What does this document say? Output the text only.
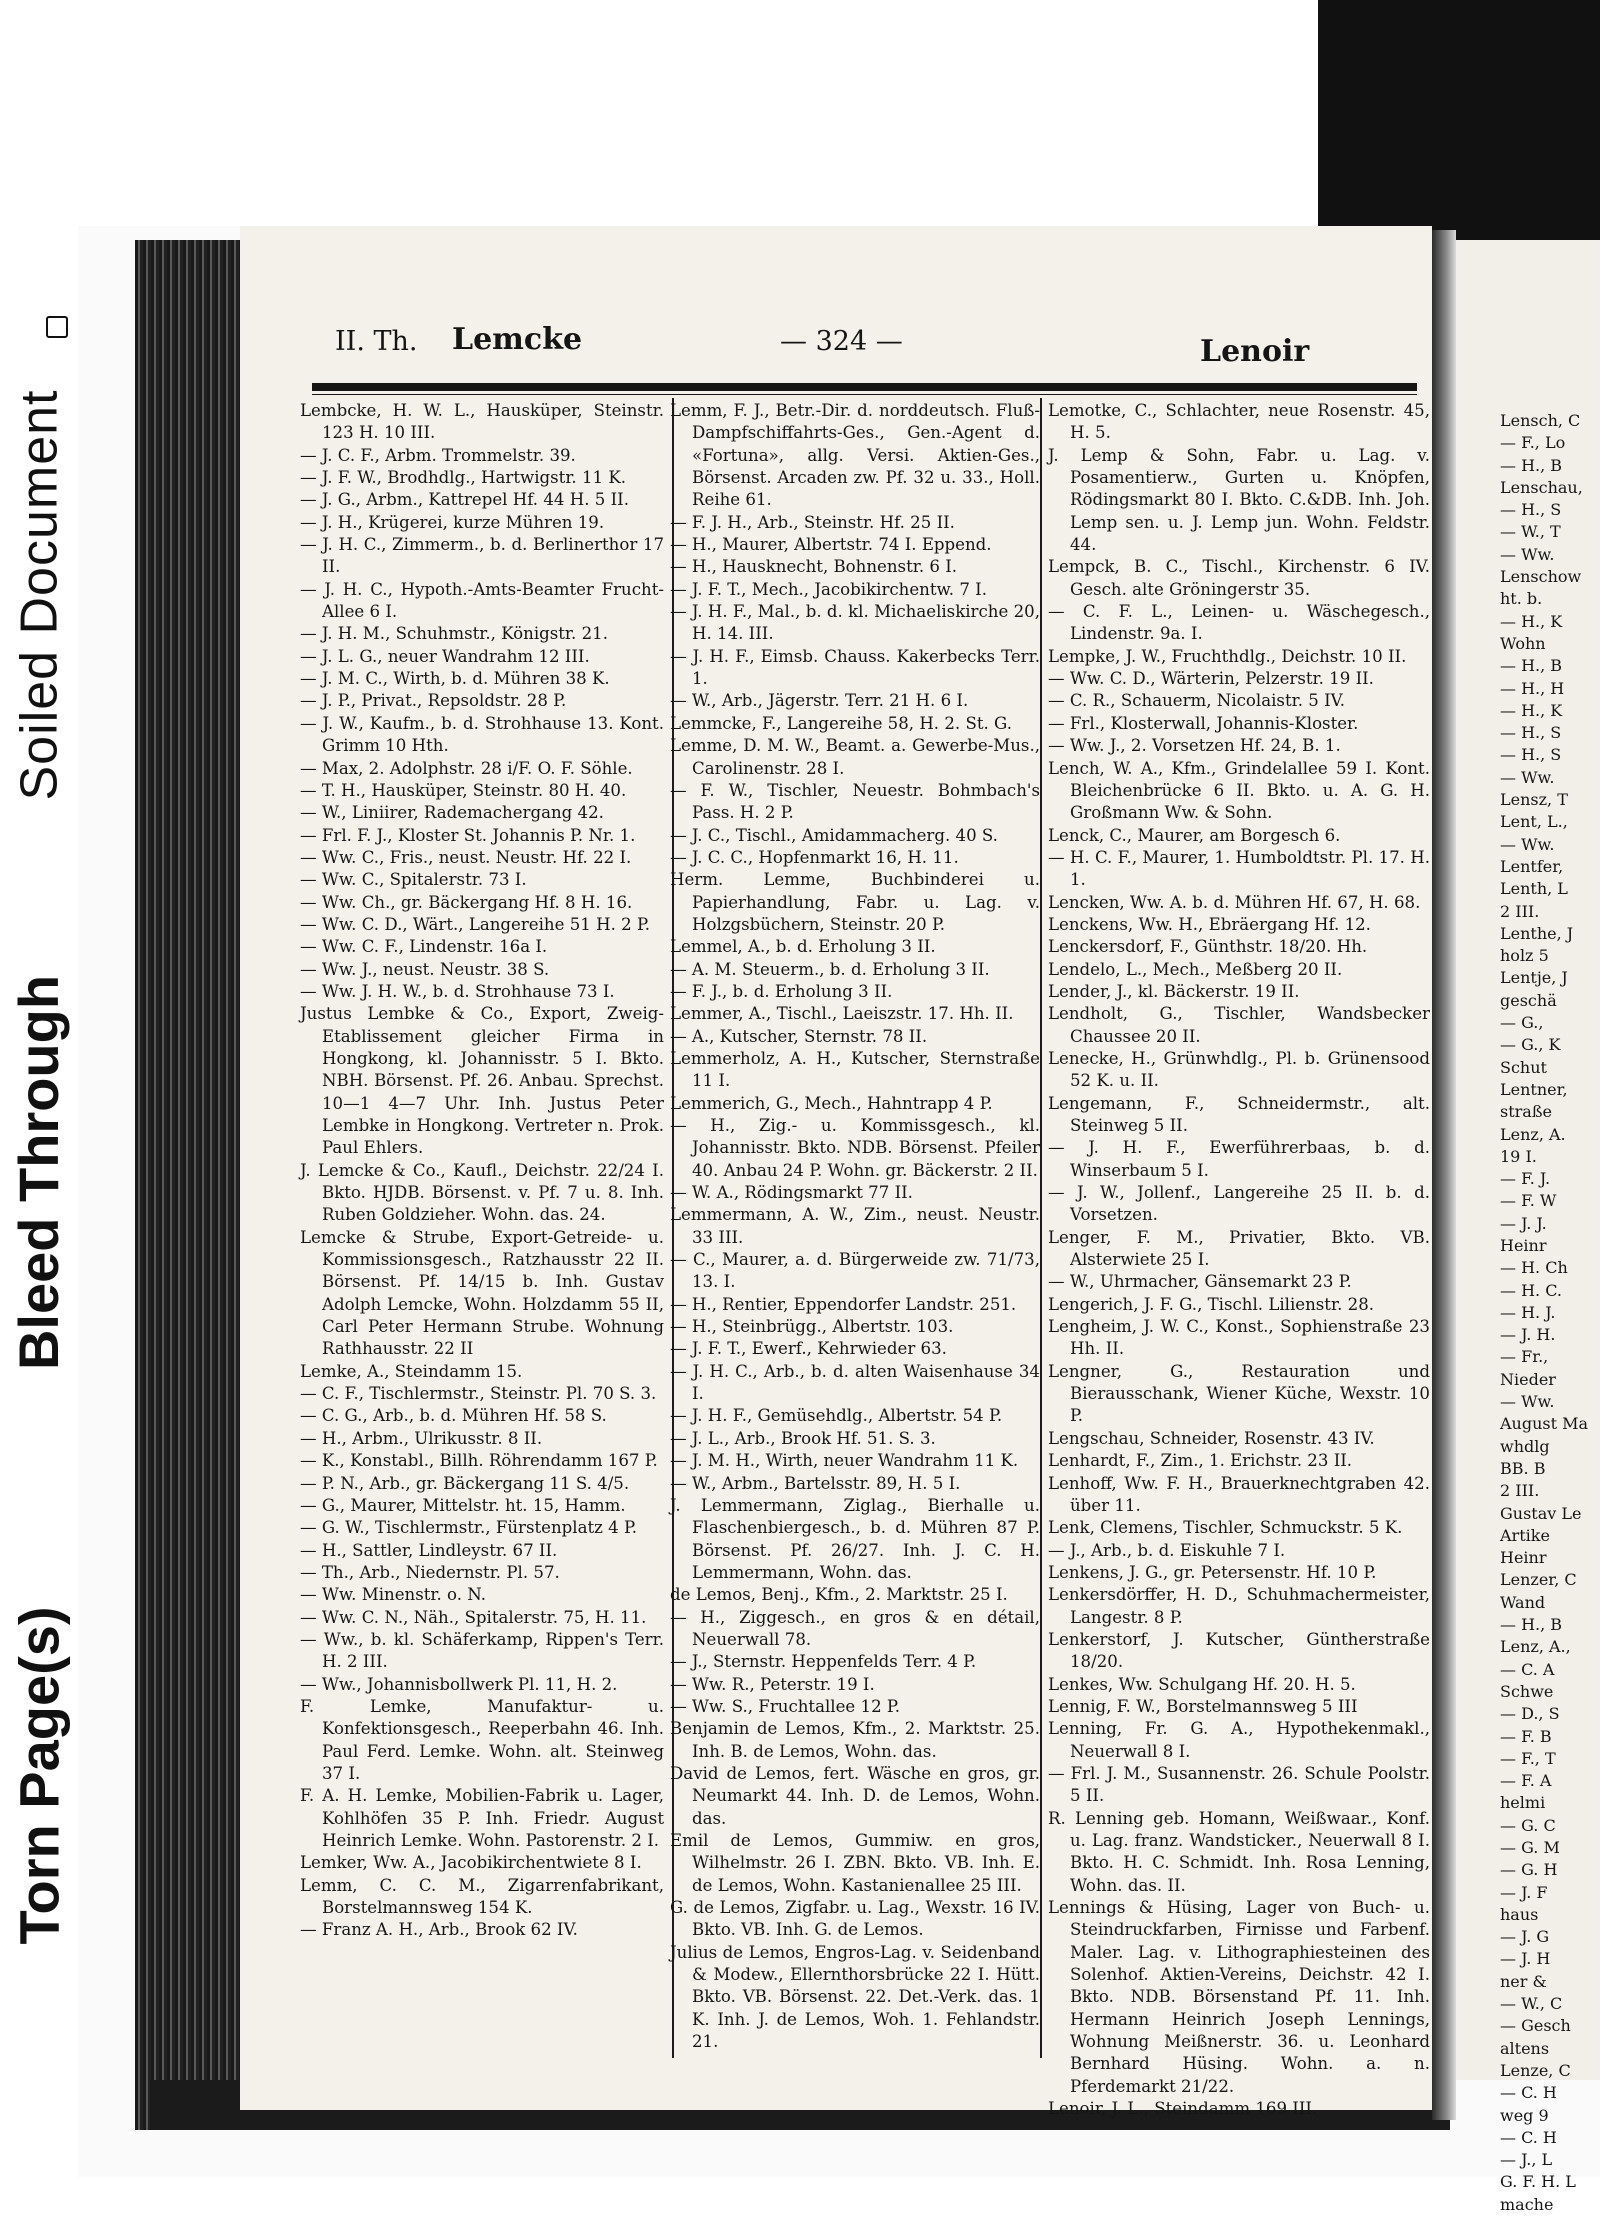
Soiled Document
Bleed Through
Torn Page(s)
Lensch, C
— F., Lo
— H., B
Lenschau,
— H., S
— W., T
— Ww.
Lenschow
ht. b.
— H., K
Wohn
— H., B
— H., H
— H., K
— H., S
— H., S
— Ww.
Lensz, T
Lent, L.,
— Ww.
Lentfer,
Lenth, L
2 III.
Lenthe, J
holz 5
Lentje, J
geschä
— G.,
— G., K
Schut
Lentner,
straße
Lenz, A.
19 I.
— F. J.
— F. W
— J. J.
Heinr
— H. Ch
— H. C.
— H. J.
— J. H.
— Fr.,
Nieder
— Ww.
August Ma
whdlg
BB. B
2 III.
Gustav Le
Artike
Heinr
Lenzer, C
Wand
— H., B
Lenz, A.,
— C. A
Schwe
— D., S
— F. B
— F., T
— F. A
helmi
— G. C
— G. M
— G. H
— J. F
haus
— J. G
— J. H
ner &
— W., C
— Gesch
altens
Lenze, C
— C. H
weg 9
— C. H
— J., L
G. F. H. L
mache
II. Th. Lemcke	— 324 —	Lenoir
Lembcke, H. W. L., Hausküper, Steinstr. 123 H. 10 III.
— J. C. F., Arbm. Trommelstr. 39.
— J. F. W., Brodhdlg., Hartwigstr. 11 K.
— J. G., Arbm., Kattrepel Hf. 44 H. 5 II.
— J. H., Krügerei, kurze Mühren 19.
— J. H. C., Zimmerm., b. d. Berlinerthor 17 II.
— J. H. C., Hypoth.-Amts-Beamter Frucht-Allee 6 I.
— J. H. M., Schuhmstr., Königstr. 21.
— J. L. G., neuer Wandrahm 12 III.
— J. M. C., Wirth, b. d. Mühren 38 K.
— J. P., Privat., Repsoldstr. 28 P.
— J. W., Kaufm., b. d. Strohhause 13. Kont. Grimm 10 Hth.
— Max, 2. Adolphstr. 28 i/F. O. F. Söhle.
— T. H., Hausküper, Steinstr. 80 H. 40.
— W., Liniirer, Rademachergang 42.
— Frl. F. J., Kloster St. Johannis P. Nr. 1.
— Ww. C., Fris., neust. Neustr. Hf. 22 I.
— Ww. C., Spitalerstr. 73 I.
— Ww. Ch., gr. Bäckergang Hf. 8 H. 16.
— Ww. C. D., Wärt., Langereihe 51 H. 2 P.
— Ww. C. F., Lindenstr. 16a I.
— Ww. J., neust. Neustr. 38 S.
— Ww. J. H. W., b. d. Strohhause 73 I.
Justus Lembke & Co., Export, Zweig-Etablissement gleicher Firma in Hongkong, kl. Johannisstr. 5 I. Bkto. NBH. Börsenst. Pf. 26. Anbau. Sprechst. 10—1 4—7 Uhr. Inh. Justus Peter Lembke in Hongkong. Vertreter n. Prok. Paul Ehlers.
J. Lemcke & Co., Kaufl., Deichstr. 22/24 I. Bkto. HJDB. Börsenst. v. Pf. 7 u. 8. Inh. Ruben Goldzieher. Wohn. das. 24.
Lemcke & Strube, Export-Getreide- u. Kommissionsgesch., Ratzhausstr 22 II. Börsenst. Pf. 14/15 b. Inh. Gustav Adolph Lemcke, Wohn. Holzdamm 55 II, Carl Peter Hermann Strube. Wohnung Rathhausstr. 22 II
Lemke, A., Steindamm 15.
— C. F., Tischlermstr., Steinstr. Pl. 70 S. 3.
— C. G., Arb., b. d. Mühren Hf. 58 S.
— H., Arbm., Ulrikusstr. 8 II.
— K., Konstabl., Billh. Röhrendamm 167 P.
— P. N., Arb., gr. Bäckergang 11 S. 4/5.
— G., Maurer, Mittelstr. ht. 15, Hamm.
— G. W., Tischlermstr., Fürstenplatz 4 P.
— H., Sattler, Lindleystr. 67 II.
— Th., Arb., Niedernstr. Pl. 57.
— Ww. Minenstr. o. N.
— Ww. C. N., Näh., Spitalerstr. 75, H. 11.
— Ww., b. kl. Schäferkamp, Rippen's Terr. H. 2 III.
— Ww., Johannisbollwerk Pl. 11, H. 2.
F. Lemke, Manufaktur- u. Konfektionsgesch., Reeperbahn 46. Inh. Paul Ferd. Lemke. Wohn. alt. Steinweg 37 I.
F. A. H. Lemke, Mobilien-Fabrik u. Lager, Kohlhöfen 35 P. Inh. Friedr. August Heinrich Lemke. Wohn. Pastorenstr. 2 I.
Lemker, Ww. A., Jacobikirchentwiete 8 I.
Lemm, C. C. M., Zigarrenfabrikant, Borstelmannsweg 154 K.
— Franz A. H., Arb., Brook 62 IV.
Lemm, F. J., Betr.-Dir. d. norddeutsch. Fluß-Dampfschiffahrts-Ges., Gen.-Agent d. «Fortuna», allg. Versi. Aktien-Ges., Börsenst. Arcaden zw. Pf. 32 u. 33., Holl. Reihe 61.
— F. J. H., Arb., Steinstr. Hf. 25 II.
— H., Maurer, Albertstr. 74 I. Eppend.
— H., Hausknecht, Bohnenstr. 6 I.
— J. F. T., Mech., Jacobikirchentw. 7 I.
— J. H. F., Mal., b. d. kl. Michaeliskirche 20, H. 14. III.
— J. H. F., Eimsb. Chauss. Kakerbecks Terr. 1.
— W., Arb., Jägerstr. Terr. 21 H. 6 I.
Lemmcke, F., Langereihe 58, H. 2. St. G.
Lemme, D. M. W., Beamt. a. Gewerbe-Mus., Carolinenstr. 28 I.
— F. W., Tischler, Neuestr. Bohmbach's Pass. H. 2 P.
— J. C., Tischl., Amidammacherg. 40 S.
— J. C. C., Hopfenmarkt 16, H. 11.
Herm. Lemme, Buchbinderei u. Papierhandlung, Fabr. u. Lag. v. Holzgsbüchern, Steinstr. 20 P.
Lemmel, A., b. d. Erholung 3 II.
— A. M. Steuerm., b. d. Erholung 3 II.
— F. J., b. d. Erholung 3 II.
Lemmer, A., Tischl., Laeiszstr. 17. Hh. II.
— A., Kutscher, Sternstr. 78 II.
Lemmerholz, A. H., Kutscher, Sternstraße 11 I.
Lemmerich, G., Mech., Hahntrapp 4 P.
— H., Zig.- u. Kommissgesch., kl. Johannisstr. Bkto. NDB. Börsenst. Pfeiler 40. Anbau 24 P. Wohn. gr. Bäckerstr. 2 II.
— W. A., Rödingsmarkt 77 II.
Lemmermann, A. W., Zim., neust. Neustr. 33 III.
— C., Maurer, a. d. Bürgerweide zw. 71/73, 13. I.
— H., Rentier, Eppendorfer Landstr. 251.
— H., Steinbrügg., Albertstr. 103.
— J. F. T., Ewerf., Kehrwieder 63.
— J. H. C., Arb., b. d. alten Waisenhause 34 I.
— J. H. F., Gemüsehdlg., Albertstr. 54 P.
— J. L., Arb., Brook Hf. 51. S. 3.
— J. M. H., Wirth, neuer Wandrahm 11 K.
— W., Arbm., Bartelsstr. 89, H. 5 I.
J. Lemmermann, Ziglag., Bierhalle u. Flaschenbiergesch., b. d. Mühren 87 P. Börsenst. Pf. 26/27. Inh. J. C. H. Lemmermann, Wohn. das.
de Lemos, Benj., Kfm., 2. Marktstr. 25 I.
— H., Ziggesch., en gros & en détail, Neuerwall 78.
— J., Sternstr. Heppenfelds Terr. 4 P.
— Ww. R., Peterstr. 19 I.
— Ww. S., Fruchtallee 12 P.
Benjamin de Lemos, Kfm., 2. Marktstr. 25. Inh. B. de Lemos, Wohn. das.
David de Lemos, fert. Wäsche en gros, gr. Neumarkt 44. Inh. D. de Lemos, Wohn. das.
Emil de Lemos, Gummiw. en gros, Wilhelmstr. 26 I. ZBN. Bkto. VB. Inh. E. de Lemos, Wohn. Kastanienallee 25 III.
G. de Lemos, Zigfabr. u. Lag., Wexstr. 16 IV. Bkto. VB. Inh. G. de Lemos.
Julius de Lemos, Engros-Lag. v. Seidenband & Modew., Ellernthorsbrücke 22 I. Hütt. Bkto. VB. Börsenst. 22. Det.-Verk. das. 1 K. Inh. J. de Lemos, Woh. 1. Fehlandstr. 21.
Lemotke, C., Schlachter, neue Rosenstr. 45, H. 5.
J. Lemp & Sohn, Fabr. u. Lag. v. Posamentierw., Gurten u. Knöpfen, Rödingsmarkt 80 I. Bkto. C.&DB. Inh. Joh. Lemp sen. u. J. Lemp jun. Wohn. Feldstr. 44.
Lempck, B. C., Tischl., Kirchenstr. 6 IV. Gesch. alte Gröningerstr 35.
— C. F. L., Leinen- u. Wäschegesch., Lindenstr. 9a. I.
Lempke, J. W., Fruchthdlg., Deichstr. 10 II.
— Ww. C. D., Wärterin, Pelzerstr. 19 II.
— C. R., Schauerm, Nicolaistr. 5 IV.
— Frl., Klosterwall, Johannis-Kloster.
— Ww. J., 2. Vorsetzen Hf. 24, B. 1.
Lench, W. A., Kfm., Grindelallee 59 I. Kont. Bleichenbrücke 6 II. Bkto. u. A. G. H. Großmann Ww. & Sohn.
Lenck, C., Maurer, am Borgesch 6.
— H. C. F., Maurer, 1. Humboldtstr. Pl. 17. H. 1.
Lencken, Ww. A. b. d. Mühren Hf. 67, H. 68.
Lenckens, Ww. H., Ebräergang Hf. 12.
Lenckersdorf, F., Günthstr. 18/20. Hh.
Lendelo, L., Mech., Meßberg 20 II.
Lender, J., kl. Bäckerstr. 19 II.
Lendholt, G., Tischler, Wandsbecker Chaussee 20 II.
Lenecke, H., Grünwhdlg., Pl. b. Grünensood 52 K. u. II.
Lengemann, F., Schneidermstr., alt. Steinweg 5 II.
— J. H. F., Ewerführerbaas, b. d. Winserbaum 5 I.
— J. W., Jollenf., Langereihe 25 II. b. d. Vorsetzen.
Lenger, F. M., Privatier, Bkto. VB. Alsterwiete 25 I.
— W., Uhrmacher, Gänsemarkt 23 P.
Lengerich, J. F. G., Tischl. Lilienstr. 28.
Lengheim, J. W. C., Konst., Sophienstraße 23 Hh. II.
Lengner, G., Restauration und Bierausschank, Wiener Küche, Wexstr. 10 P.
Lengschau, Schneider, Rosenstr. 43 IV.
Lenhardt, F., Zim., 1. Erichstr. 23 II.
Lenhoff, Ww. F. H., Brauerknechtgraben 42. über 11.
Lenk, Clemens, Tischler, Schmuckstr. 5 K.
— J., Arb., b. d. Eiskuhle 7 I.
Lenkens, J. G., gr. Petersenstr. Hf. 10 P.
Lenkersdörffer, H. D., Schuhmachermeister, Langestr. 8 P.
Lenkerstorf, J. Kutscher, Güntherstraße 18/20.
Lenkes, Ww. Schulgang Hf. 20. H. 5.
Lennig, F. W., Borstelmannsweg 5 III
Lenning, Fr. G. A., Hypothekenmakl., Neuerwall 8 I.
— Frl. J. M., Susannenstr. 26. Schule Poolstr. 5 II.
R. Lenning geb. Homann, Weißwaar., Konf. u. Lag. franz. Wandsticker., Neuerwall 8 I. Bkto. H. C. Schmidt. Inh. Rosa Lenning, Wohn. das. II.
Lennings & Hüsing, Lager von Buch- u. Steindruckfarben, Firnisse und Farbenf. Maler. Lag. v. Lithographiesteinen des Solenhof. Aktien-Vereins, Deichstr. 42 I. Bkto. NDB. Börsenstand Pf. 11. Inh. Hermann Heinrich Joseph Lennings, Wohnung Meißnerstr. 36. u. Leonhard Bernhard Hüsing. Wohn. a. n. Pferdemarkt 21/22.
Lenoir, J. L., Steindamm 169 III.
